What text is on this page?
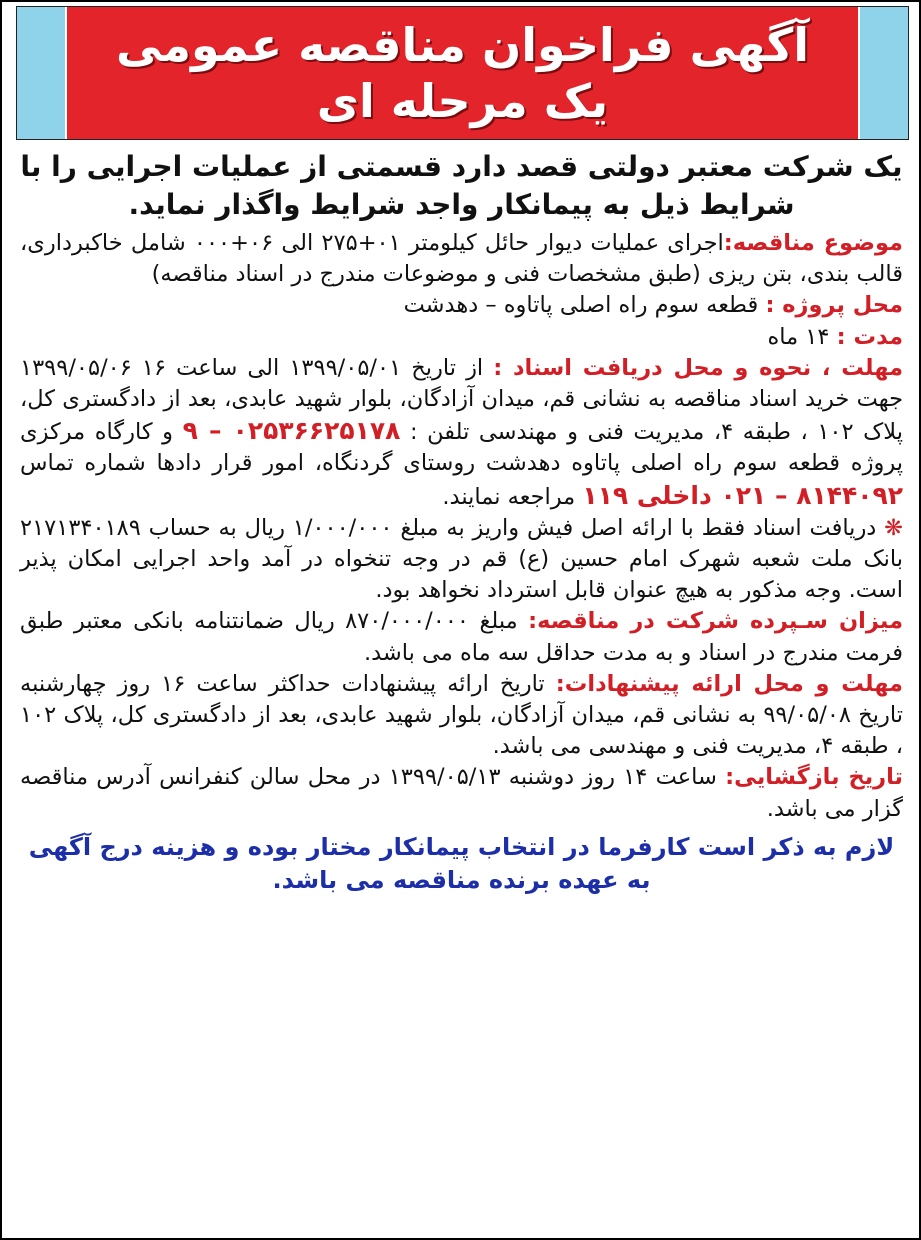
آگهی فراخوان مناقصه عمومی
یک مرحله ای
یک شرکت معتبر دولتی قصد دارد قسمتی از عملیات اجرایی را با شرایط ذیل به پیمانکار واجد شرایط واگذار نماید.

موضوع مناقصه:اجرای عملیات دیوار حائل کیلومتر ۰۱+۲۷۵ الی ۰۶+۰۰۰ شامل خاکبرداری، قالب بندی، بتن ریزی (طبق مشخصات فنی و موضوعات مندرج در اسناد مناقصه)

محل پروژه : قطعه سوم راه اصلی پاتاوه – دهدشت

مدت : ۱۴ ماه

مهلت ، نحوه و محل دریافت اسناد : از تاریخ ۱۳۹۹/۰۵/۰۱ الی ساعت ۱۶ ۱۳۹۹/۰۵/۰۶ جهت خرید اسناد مناقصه به نشانی قم، میدان آزادگان، بلوار شهید عابدی، بعد از دادگستری کل، پلاک ۱۰۲ ، طبقه ۴، مدیریت فنی و مهندسی تلفن : ۰۲۵۳۶۶۲۵۱۷۸ – ۹ و کارگاه مرکزی پروژه قطعه سوم راه اصلی پاتاوه دهدشت روستای گردنگاه، امور قرار دادها شماره تماس ۸۱۴۴۰۹۲ – ۰۲۱ داخلی ۱۱۹ مراجعه نمایند.

❋ دریافت اسناد فقط با ارائه اصل فیش واریز به مبلغ ۱/۰۰۰/۰۰۰ ریال به حساب ۲۱۷۱۳۴۰۱۸۹ بانک ملت شعبه شهرک امام حسین (ع) قم در وجه تنخواه در آمد واحد اجرایی امکان پذیر است. وجه مذکور به هیچ عنوان قابل استرداد نخواهد بود.

میزان سـپرده شرکت در مناقصه: مبلغ ۸۷۰/۰۰۰/۰۰۰ ریال ضمانتنامه بانکی معتبر طبق فرمت مندرج در اسناد و به مدت حداقل سه ماه می باشد.

مهلت و محل ارائه پیشنهادات: تاریخ ارائه پیشنهادات حداکثر ساعت ۱۶ روز چهارشنبه تاریخ ۹۹/۰۵/۰۸ به نشانی قم، میدان آزادگان، بلوار شهید عابدی، بعد از دادگستری کل، پلاک ۱۰۲ ، طبقه ۴، مدیریت فنی و مهندسی می باشد.

تاریخ بازگشایی: ساعت ۱۴ روز دوشنبه ۱۳۹۹/۰۵/۱۳ در محل سالن کنفرانس آدرس مناقصه گزار می باشد.

لازم به ذکر است کارفرما در انتخاب پیمانکار مختار بوده و هزینه درج آگهی به عهده برنده مناقصه می باشد.
